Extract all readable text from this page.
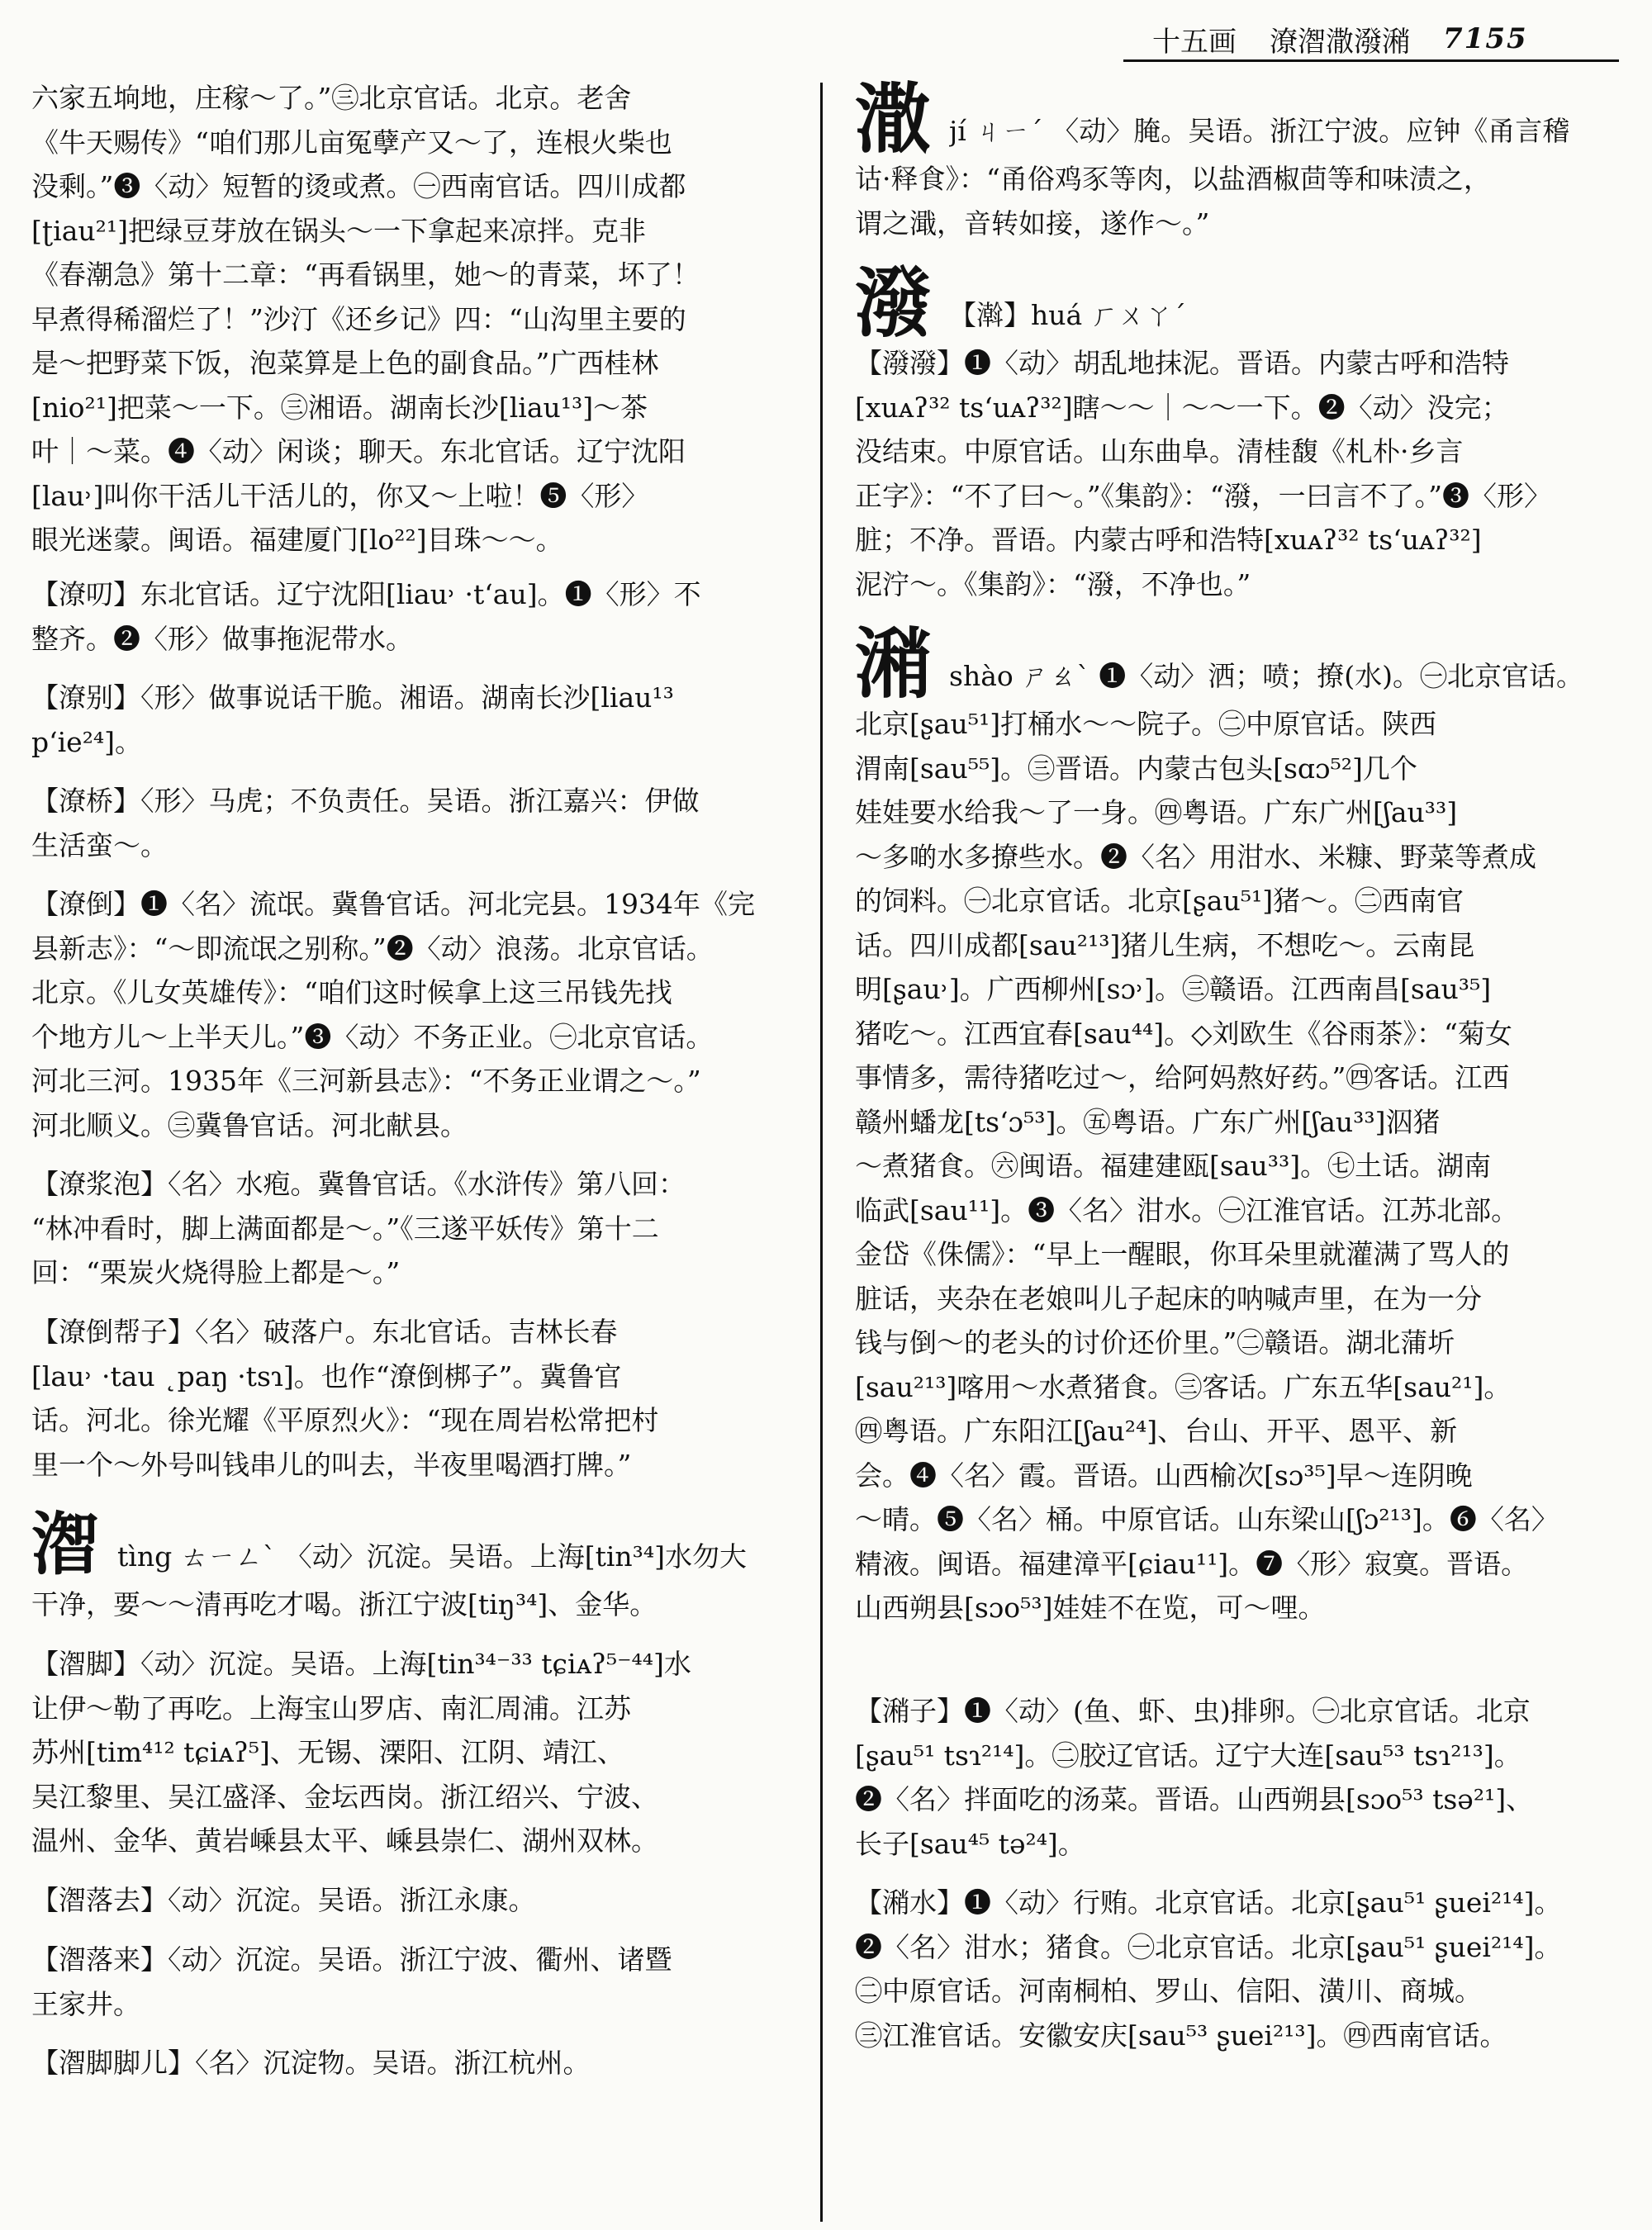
十五画 潦潪潵潑潲 7155
六家五垧地，庄稼～了。”㊂北京官话。北京。老舍
《牛天赐传》“咱们那儿亩冤孽产又～了，连根火柴也
没剩。”❸〈动〉短暂的烫或煮。㊀西南官话。四川成都
[ʈiau²¹]把绿豆芽放在锅头～一下拿起来凉拌。克非
《春潮急》第十二章：“再看锅里，她～的青菜，坏了！
早煮得稀溜烂了！”沙汀《还乡记》四：“山沟里主要的
是～把野菜下饭，泡菜算是上色的副食品。”广西桂林
[nio²¹]把菜～一下。㊂湘语。湖南长沙[liau¹³]～茶
叶｜～菜。❹〈动〉闲谈；聊天。东北官话。辽宁沈阳
[lau˒]叫你干活儿干活儿的，你又～上啦！❺〈形〉
眼光迷蒙。闽语。福建厦门[lo²²]目珠～～。
【潦叨】东北官话。辽宁沈阳[liau˒ ·tʻau]。❶〈形〉不
整齐。❷〈形〉做事拖泥带水。
【潦别】〈形〉做事说话干脆。湘语。湖南长沙[liau¹³
pʻie²⁴]。
【潦桥】〈形〉马虎；不负责任。吴语。浙江嘉兴：伊做
生活蛮～。
【潦倒】❶〈名〉流氓。冀鲁官话。河北完县。1934年《完
县新志》：“～即流氓之别称。”❷〈动〉浪荡。北京官话。
北京。《儿女英雄传》：“咱们这时候拿上这三吊钱先找
个地方儿～上半天儿。”❸〈动〉不务正业。㊀北京官话。
河北三河。1935年《三河新县志》：“不务正业谓之～。”
河北顺义。㊂冀鲁官话。河北献县。
【潦浆泡】〈名〉水疱。冀鲁官话。《水浒传》第八回：
“林冲看时，脚上满面都是～。”《三遂平妖传》第十二
回：“栗炭火烧得脸上都是～。”
【潦倒帮子】〈名〉破落户。东北官话。吉林长春
[lau˒ ·tau ˛paŋ ·tsɿ]。也作“潦倒梆子”。冀鲁官
话。河北。徐光耀《平原烈火》：“现在周岩松常把村
里一个～外号叫钱串儿的叫去，半夜里喝酒打牌。”
潪 tìng ㄊㄧㄥˋ 〈动〉沉淀。吴语。上海[tin³⁴]水勿大
干净，要～～清再吃才喝。浙江宁波[tiŋ³⁴]、金华。
【潪脚】〈动〉沉淀。吴语。上海[tin³⁴⁻³³ tɕiᴀʔ⁵⁻⁴⁴]水
让伊～勒了再吃。上海宝山罗店、南汇周浦。江苏
苏州[tim⁴¹² tɕiᴀʔ⁵]、无锡、溧阳、江阴、靖江、
吴江黎里、吴江盛泽、金坛西岗。浙江绍兴、宁波、
温州、金华、黄岩嵊县太平、嵊县崇仁、湖州双林。
【潪落去】〈动〉沉淀。吴语。浙江永康。
【潪落来】〈动〉沉淀。吴语。浙江宁波、衢州、诸暨
王家井。
【潪脚脚儿】〈名〉沉淀物。吴语。浙江杭州。
潵 jí ㄐㄧˊ 〈动〉腌。吴语。浙江宁波。应钟《甬言稽
诂·释食》：“甬俗鸡豕等肉，以盐酒椒茴等和味渍之，
谓之濈，音转如接，遂作～。”
潑 【濣】huá ㄏㄨㄚˊ
【潑潑】❶〈动〉胡乱地抹泥。晋语。内蒙古呼和浩特
[xuᴀʔ³² tsʻuᴀʔ³²]瞎～～｜～～一下。❷〈动〉没完；
没结束。中原官话。山东曲阜。清桂馥《札朴·乡言
正字》：“不了曰～。”《集韵》：“潑，一曰言不了。”❸〈形〉
脏；不净。晋语。内蒙古呼和浩特[xuᴀʔ³² tsʻuᴀʔ³²]
泥泞～。《集韵》：“潑，不净也。”
潲 shào ㄕㄠˋ ❶〈动〉洒；喷；撩(水)。㊀北京官话。
北京[ʂau⁵¹]打桶水～～院子。㊁中原官话。陕西
渭南[sau⁵⁵]。㊂晋语。内蒙古包头[sɑɔ⁵²]几个
娃娃要水给我～了一身。㊃粤语。广东广州[ʃau³³]
～多啲水多撩些水。❷〈名〉用泔水、米糠、野菜等煮成
的饲料。㊀北京官话。北京[ʂau⁵¹]猪～。㊁西南官
话。四川成都[sau²¹³]猪儿生病，不想吃～。云南昆
明[ʂau˒]。广西柳州[sɔ˒]。㊂赣语。江西南昌[sau³⁵]
猪吃～。江西宜春[sau⁴⁴]。◇刘欧生《谷雨茶》：“菊女
事情多，需待猪吃过～，给阿妈熬好药。”㊃客话。江西
赣州蟠龙[tsʻɔ⁵³]。㊄粤语。广东广州[ʃau³³]泅猪
～煮猪食。㊅闽语。福建建瓯[sau³³]。㊆土话。湖南
临武[sau¹¹]。❸〈名〉泔水。㊀江淮官话。江苏北部。
金岱《侏儒》：“早上一醒眼，你耳朵里就灌满了骂人的
脏话，夹杂在老娘叫儿子起床的呐喊声里，在为一分
钱与倒～的老头的讨价还价里。”㊁赣语。湖北蒲圻
[sau²¹³]喀用～水煮猪食。㊂客话。广东五华[sau²¹]。
㊃粤语。广东阳江[ʃau²⁴]、台山、开平、恩平、新
会。❹〈名〉霞。晋语。山西榆次[sɔ³⁵]早～连阴晚
～晴。❺〈名〉桶。中原官话。山东梁山[ʃɔ²¹³]。❻〈名〉
精液。闽语。福建漳平[ɕiau¹¹]。❼〈形〉寂寞。晋语。
山西朔县[sɔo⁵³]娃娃不在览，可～哩。
【潲子】❶〈动〉(鱼、虾、虫)排卵。㊀北京官话。北京
[ʂau⁵¹ tsɿ²¹⁴]。㊁胶辽官话。辽宁大连[sau⁵³ tsɿ²¹³]。
❷〈名〉拌面吃的汤菜。晋语。山西朔县[sɔo⁵³ tsə²¹]、
长子[sau⁴⁵ tə²⁴]。
【潲水】❶〈动〉行贿。北京官话。北京[ʂau⁵¹ ʂuei²¹⁴]。
❷〈名〉泔水；猪食。㊀北京官话。北京[ʂau⁵¹ ʂuei²¹⁴]。
㊁中原官话。河南桐柏、罗山、信阳、潢川、商城。
㊂江淮官话。安徽安庆[sau⁵³ ʂuei²¹³]。㊃西南官话。
